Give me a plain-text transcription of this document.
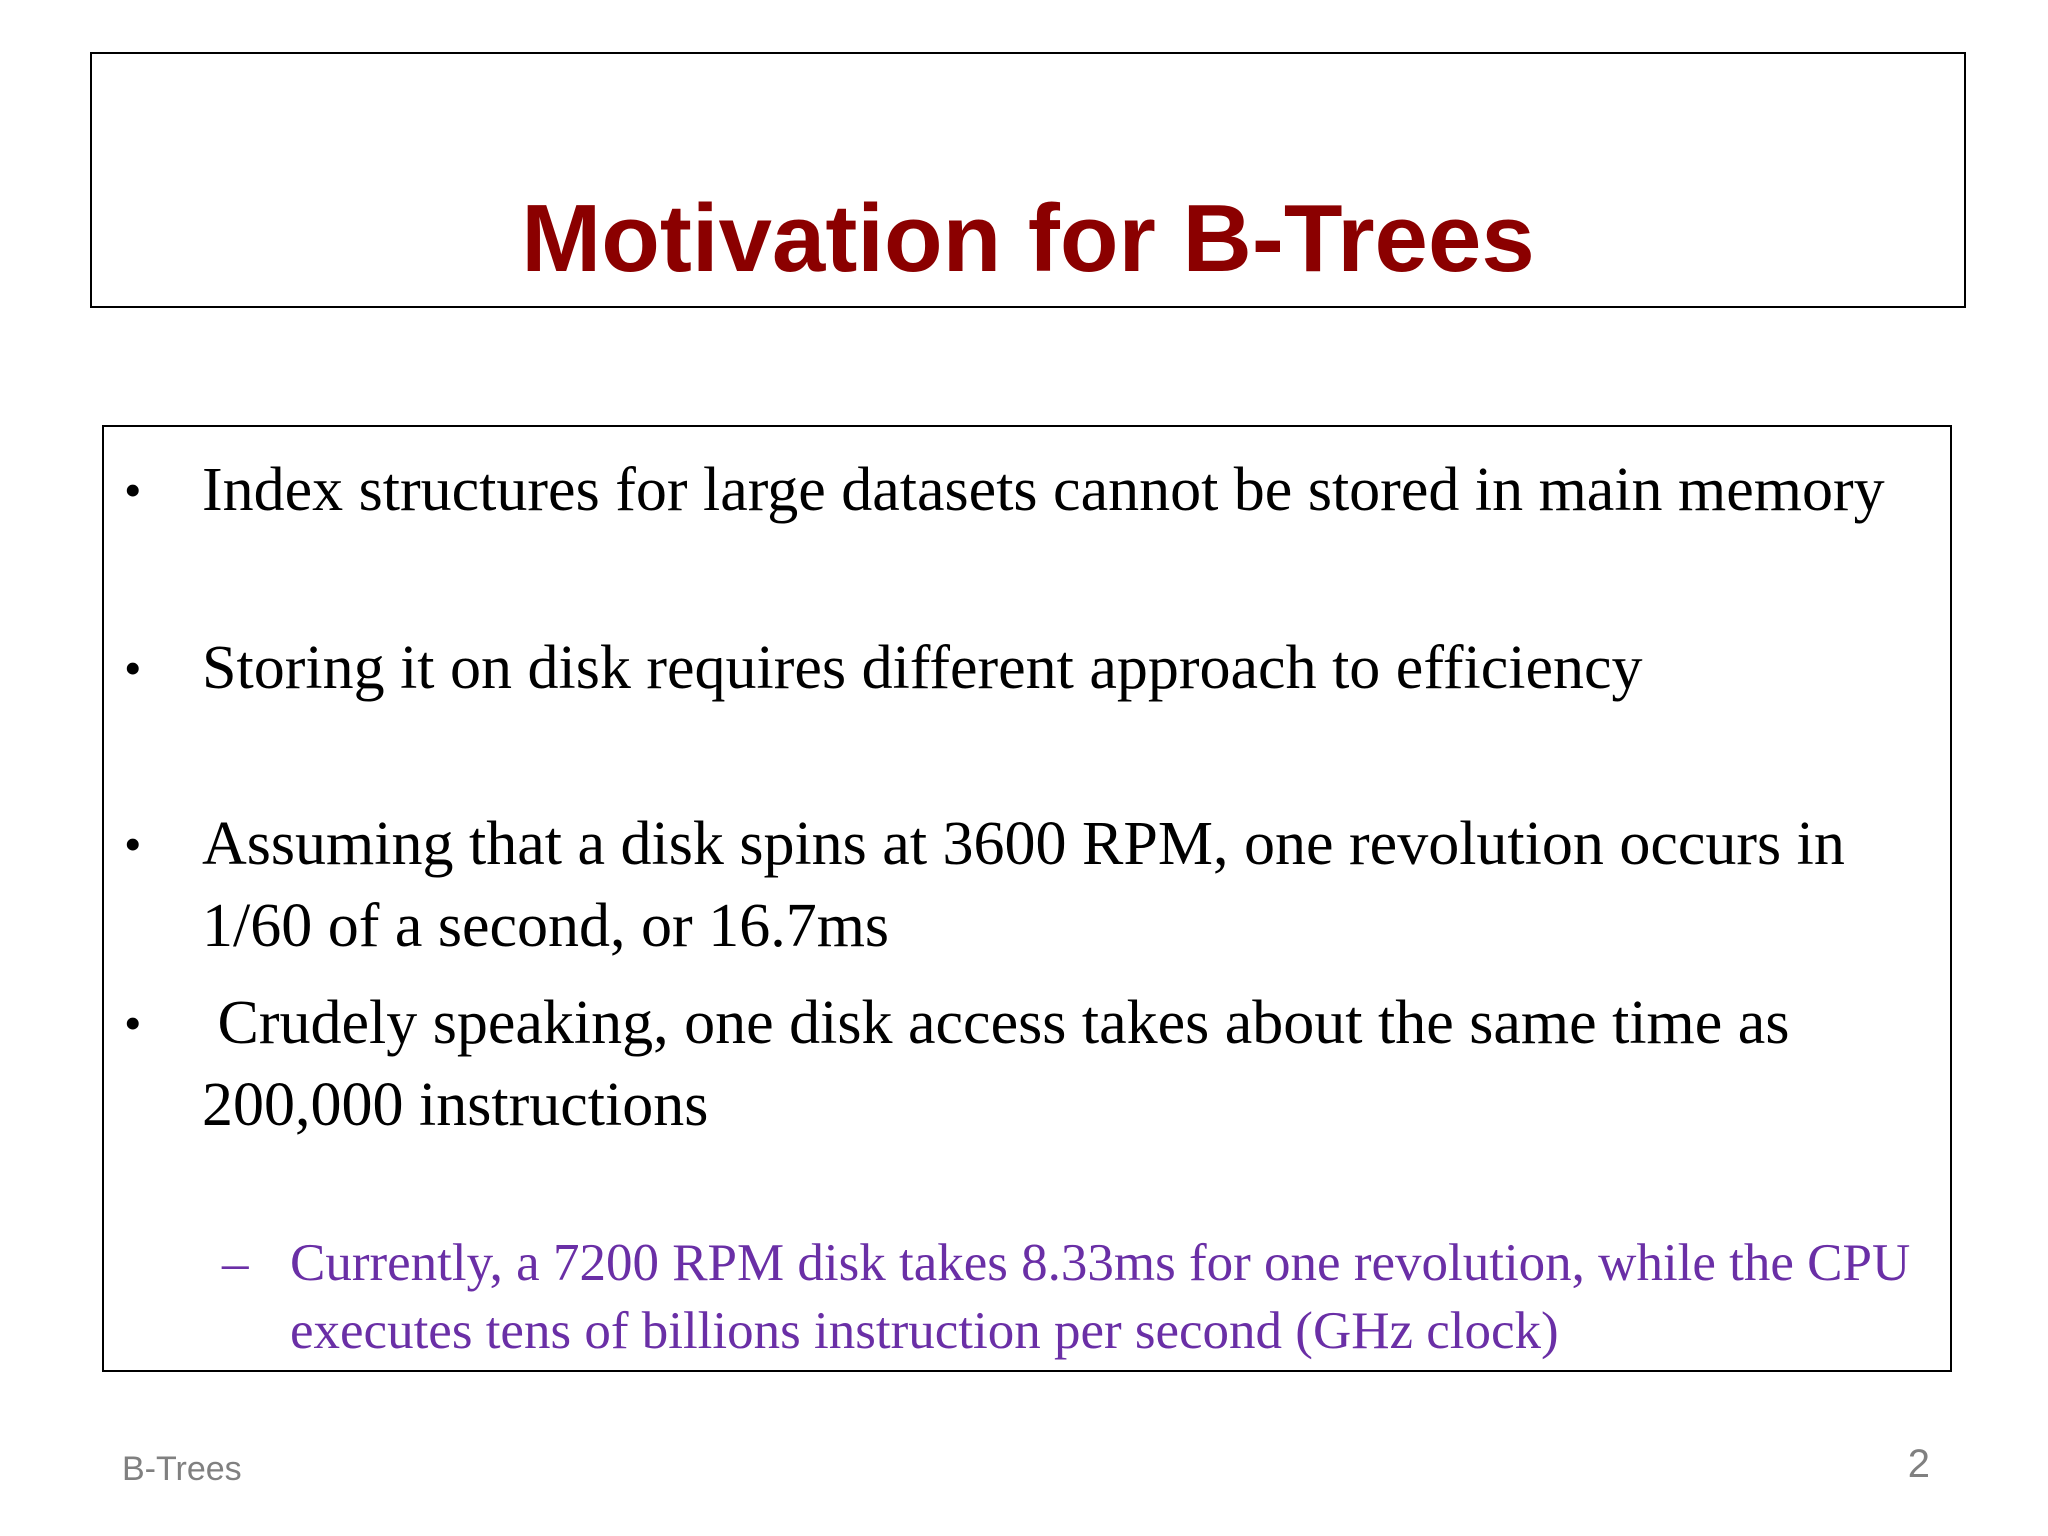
Motivation for B-Trees
• Index structures for large datasets cannot be stored in main memory
• Storing it on disk requires different approach to efficiency
• Assuming that a disk spins at 3600 RPM, one revolution occurs in 1/60 of a second, or 16.7ms
• Crudely speaking, one disk access takes about the same time as 200,000 instructions
– Currently, a 7200 RPM disk takes 8.33ms for one revolution, while the CPU executes tens of billions instruction per second (GHz clock)
B-Trees	2
